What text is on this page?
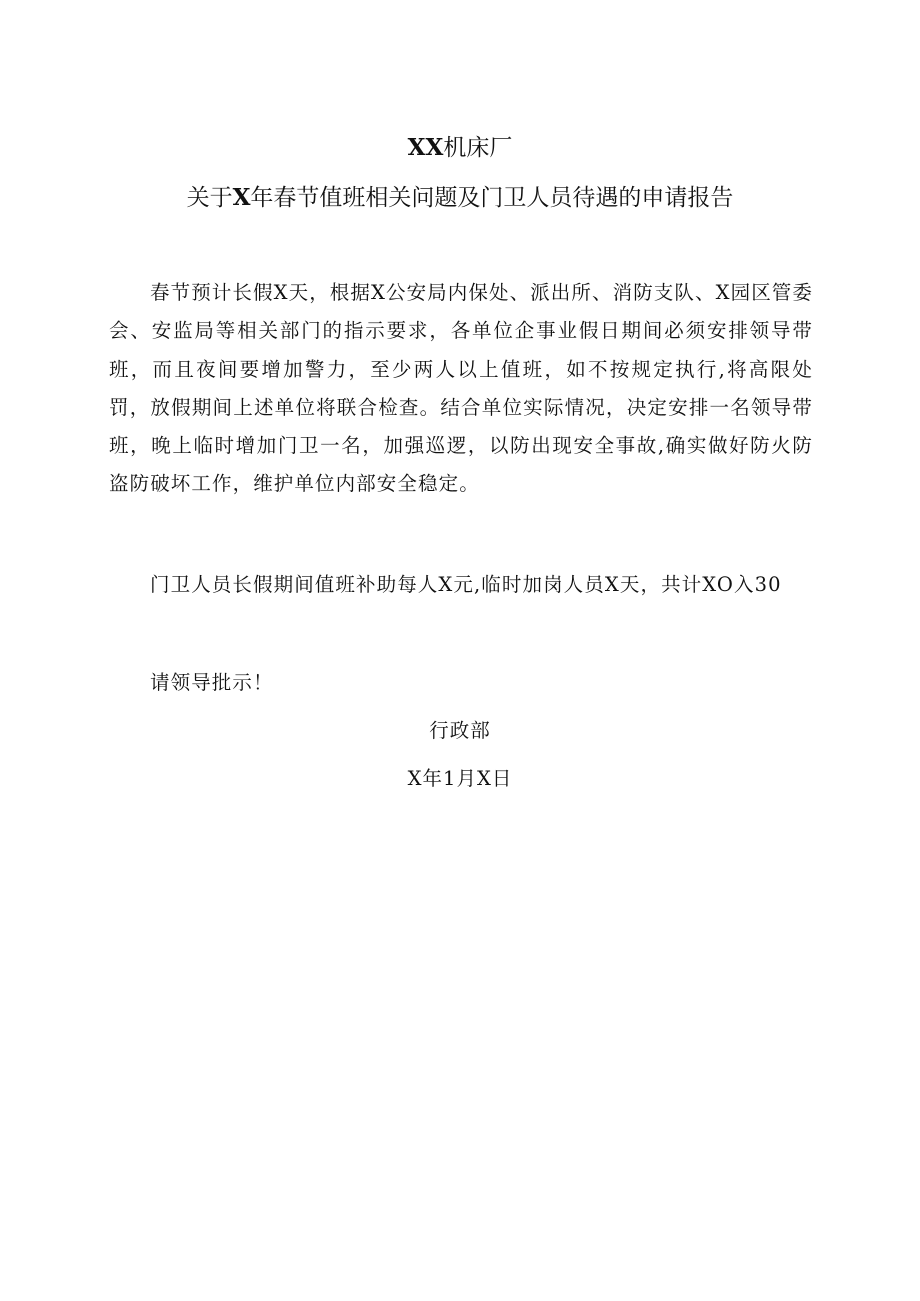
XX机床厂
关于X年春节值班相关问题及门卫人员待遇的申请报告
春节预计长假X天，根据X公安局内保处、派出所、消防支队、X园区管委会、安监局等相关部门的指示要求，各单位企事业假日期间必须安排领导带班，而且夜间要增加警力，至少两人以上值班，如不按规定执行,将高限处罚，放假期间上述单位将联合检查。结合单位实际情况，决定安排一名领导带班，晚上临时增加门卫一名，加强巡逻，以防出现安全事故,确实做好防火防盗防破坏工作，维护单位内部安全稳定。
门卫人员长假期间值班补助每人X元,临时加岗人员X天，共计XO入30
请领导批示！
行政部
X年1月X日
